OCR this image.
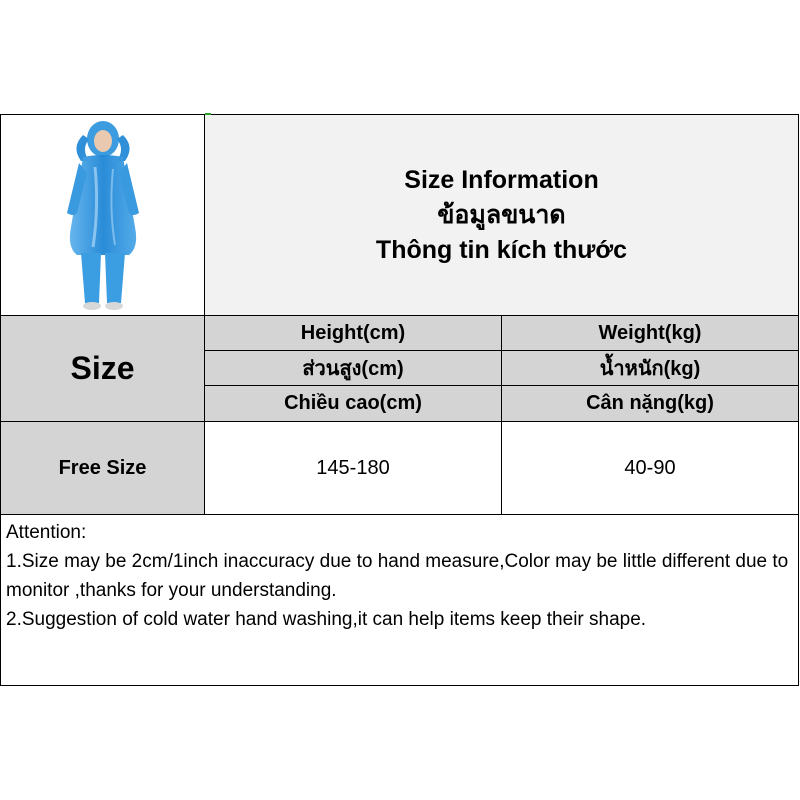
Size Information
ข้อมูลขนาด
Thông tin kích thước
Size
Height(cm)	Weight(kg)
ส่วนสูง(cm)	น้ำหนัก(kg)
Chiều cao(cm)	Cân nặng(kg)
Free Size	145-180	40-90

Attention:

1.Size may be 2cm/1inch inaccuracy due to hand measure,Color may be little different due to monitor ,thanks for your understanding.

2.Suggestion of cold water hand washing,it can help items keep their shape.
